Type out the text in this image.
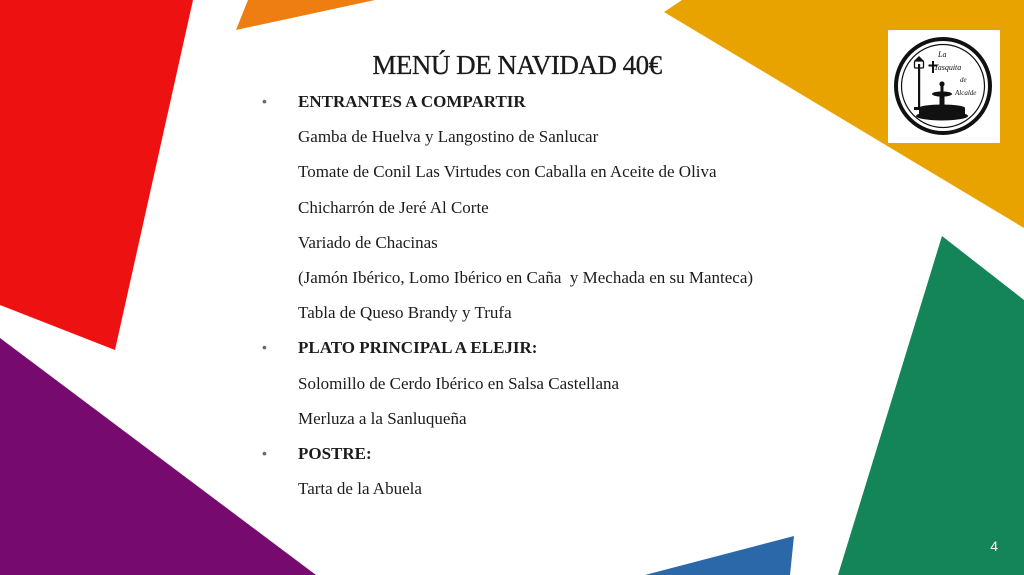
MENÚ DE NAVIDAD 40€
• ENTRANTES A COMPARTIR
Gamba de Huelva y Langostino de Sanlucar
Tomate de Conil Las Virtudes con Caballa en Aceite de Oliva
Chicharrón de Jeré Al Corte
Variado de Chacinas
(Jamón Ibérico, Lomo Ibérico en Caña  y Mechada en su Manteca)
Tabla de Queso Brandy y Trufa
• PLATO PRINCIPAL A ELEJIR:
Solomillo de Cerdo Ibérico en Salsa Castellana
Merluza a la Sanluqueña
• POSTRE:
Tarta de la Abuela
La
Tasquita
de
Alcalde
4
